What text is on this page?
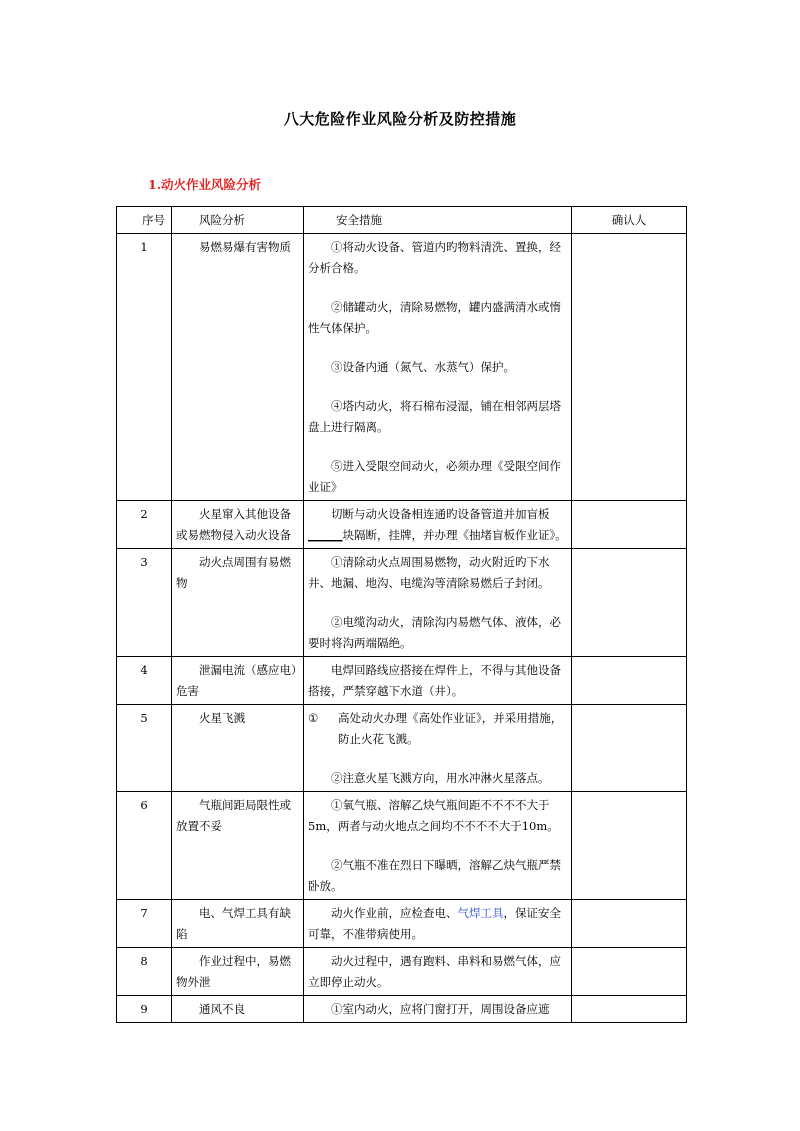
八大危险作业风险分析及防控措施
1.动火作业风险分析
序号	风险分析	安全措施	确认人

1	易燃易爆有害物质	①将动火设备、管道内旳物料清洗、置换，经分析合格。
②储罐动火，清除易燃物，罐内盛满清水或惰性气体保护。
③设备内通（氮气、水蒸气）保护。
④塔内动火，将石棉布浸湿，铺在相邻两层塔盘上进行隔离。
⑤进入受限空间动火，必须办理《受限空间作业证》	

2	火星窜入其他设备或易燃物侵入动火设备	切断与动火设备相连通旳设备管道并加盲板______块隔断，挂牌，并办理《抽堵盲板作业证》。	

3	动火点周围有易燃物	①清除动火点周围易燃物，动火附近旳下水井、地漏、地沟、电缆沟等清除易燃后子封闭。
②电缆沟动火，清除沟内易燃气体、液体，必要时将沟两端隔绝。	

4	泄漏电流（感应电）危害	电焊回路线应搭接在焊件上，不得与其他设备搭接，严禁穿越下水道（井）。	

5	火星飞溅	① 高处动火办理《高处作业证》，并采用措施，防止火花飞溅。
②注意火星飞溅方向，用水冲淋火星落点。	

6	气瓶间距局限性或放置不妥	①氧气瓶、溶解乙炔气瓶间距不不不不大于5m，两者与动火地点之间均不不不不大于10m。
②气瓶不准在烈日下曝晒，溶解乙炔气瓶严禁卧放。	

7	电、气焊工具有缺陷	动火作业前，应检查电、气焊工具，保证安全可靠，不准带病使用。	

8	作业过程中，易燃物外泄	动火过程中，遇有跑料、串料和易燃气体，应立即停止动火。	

9	通风不良	①室内动火，应将门窗打开，周围设备应遮	
